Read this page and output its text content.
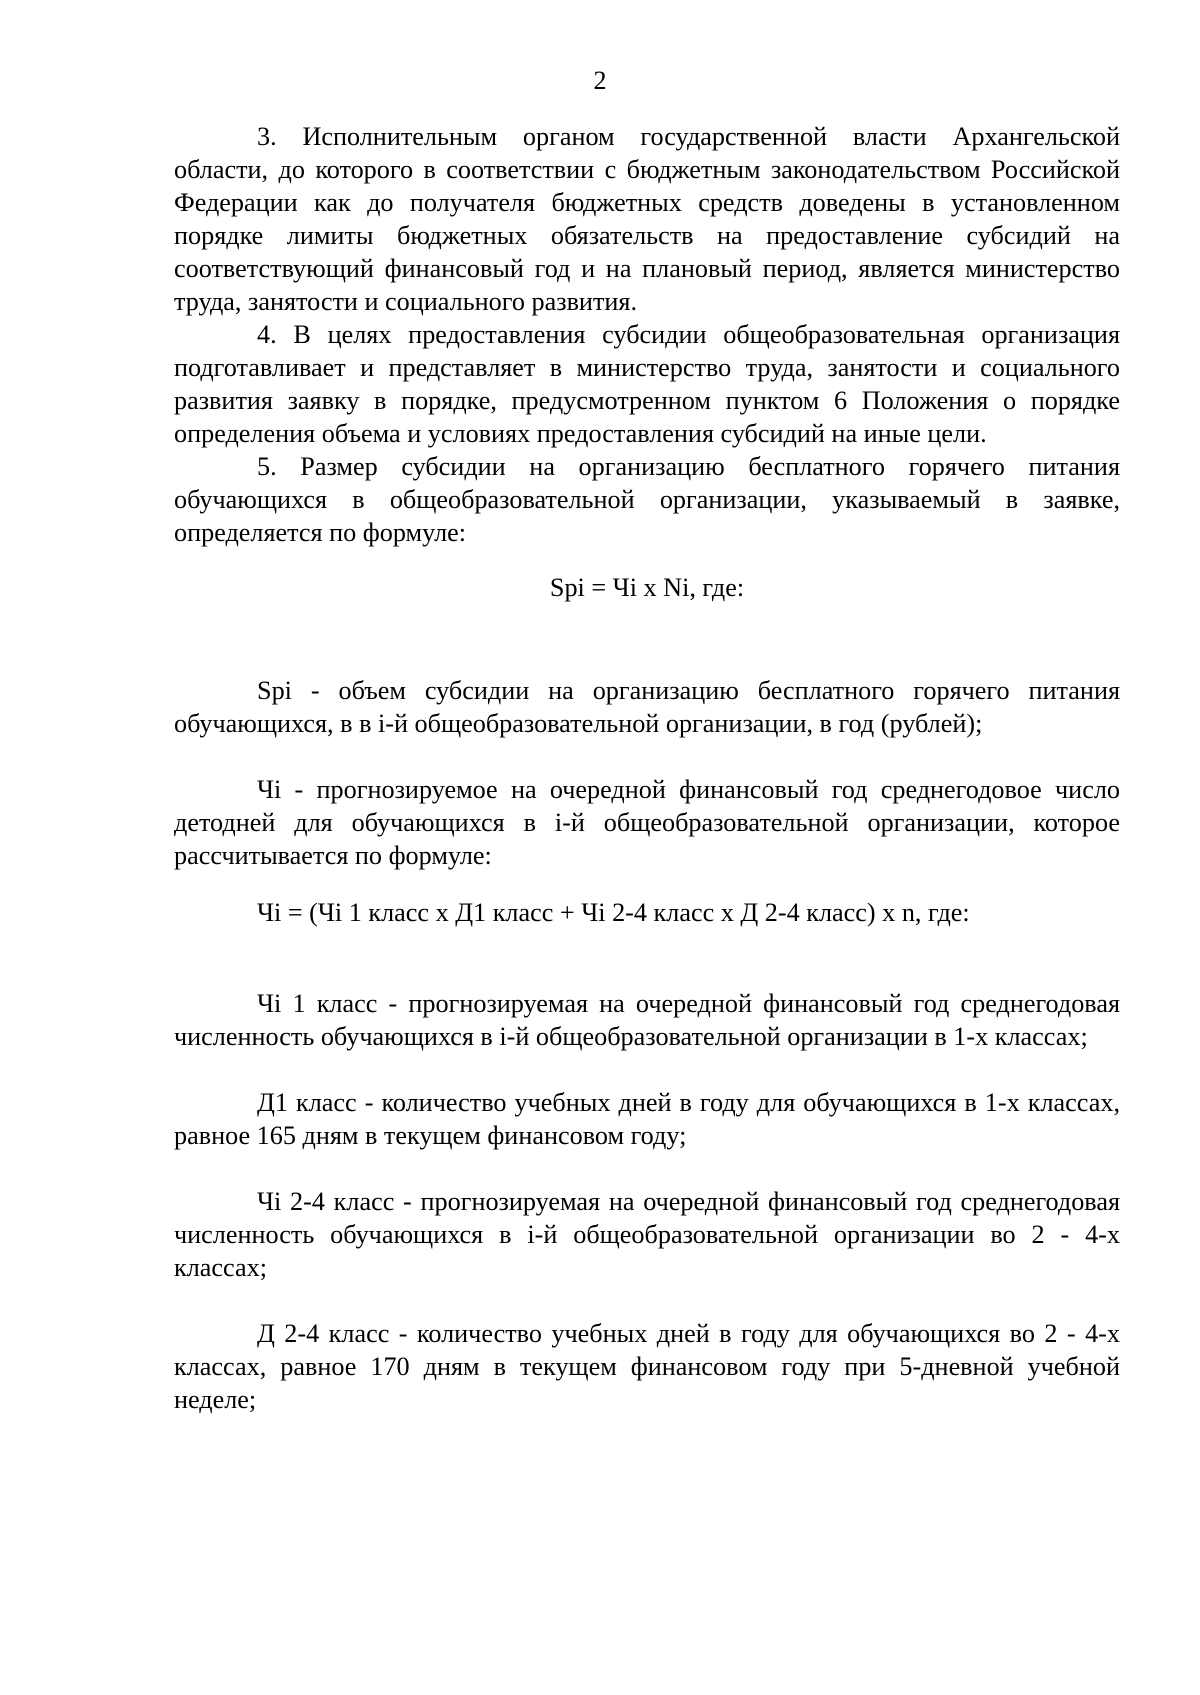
2

3. Исполнительным органом государственной власти Архангельской области, до которого в соответствии с бюджетным законодательством Российской Федерации как до получателя бюджетных средств доведены в установленном порядке лимиты бюджетных обязательств на предоставление субсидий на соответствующий финансовый год и на плановый период, является министерство труда, занятости и социального развития.

4. В целях предоставления субсидии общеобразовательная организация подготавливает и представляет в министерство труда, занятости и социального развития заявку в порядке, предусмотренном пунктом 6 Положения о порядке определения объема и условиях предоставления субсидий на иные цели.

5. Размер субсидии на организацию бесплатного горячего питания обучающихся в общеобразовательной организации, указываемый в заявке, определяется по формуле:

Spi = Чi x Ni, где:

Spi - объем субсидии на организацию бесплатного горячего питания обучающихся, в в i-й общеобразовательной организации, в год (рублей);

Чi - прогнозируемое на очередной финансовый год среднегодовое число детодней для обучающихся в i-й общеобразовательной организации, которое рассчитывается по формуле:

Чi = (Чi 1 класс x Д1 класс + Чi 2-4 класс x Д 2-4 класс) x n, где:

Чi 1 класс - прогнозируемая на очередной финансовый год среднегодовая численность обучающихся в i-й общеобразовательной организации в 1-х классах;

Д1 класс - количество учебных дней в году для обучающихся в 1-х классах, равное 165 дням в текущем финансовом году;

Чi 2-4 класс - прогнозируемая на очередной финансовый год среднегодовая численность обучающихся в i-й общеобразовательной организации во 2 - 4-х классах;

Д 2-4 класс - количество учебных дней в году для обучающихся во 2 - 4-х классах, равное 170 дням в текущем финансовом году при 5-дневной учебной неделе;
